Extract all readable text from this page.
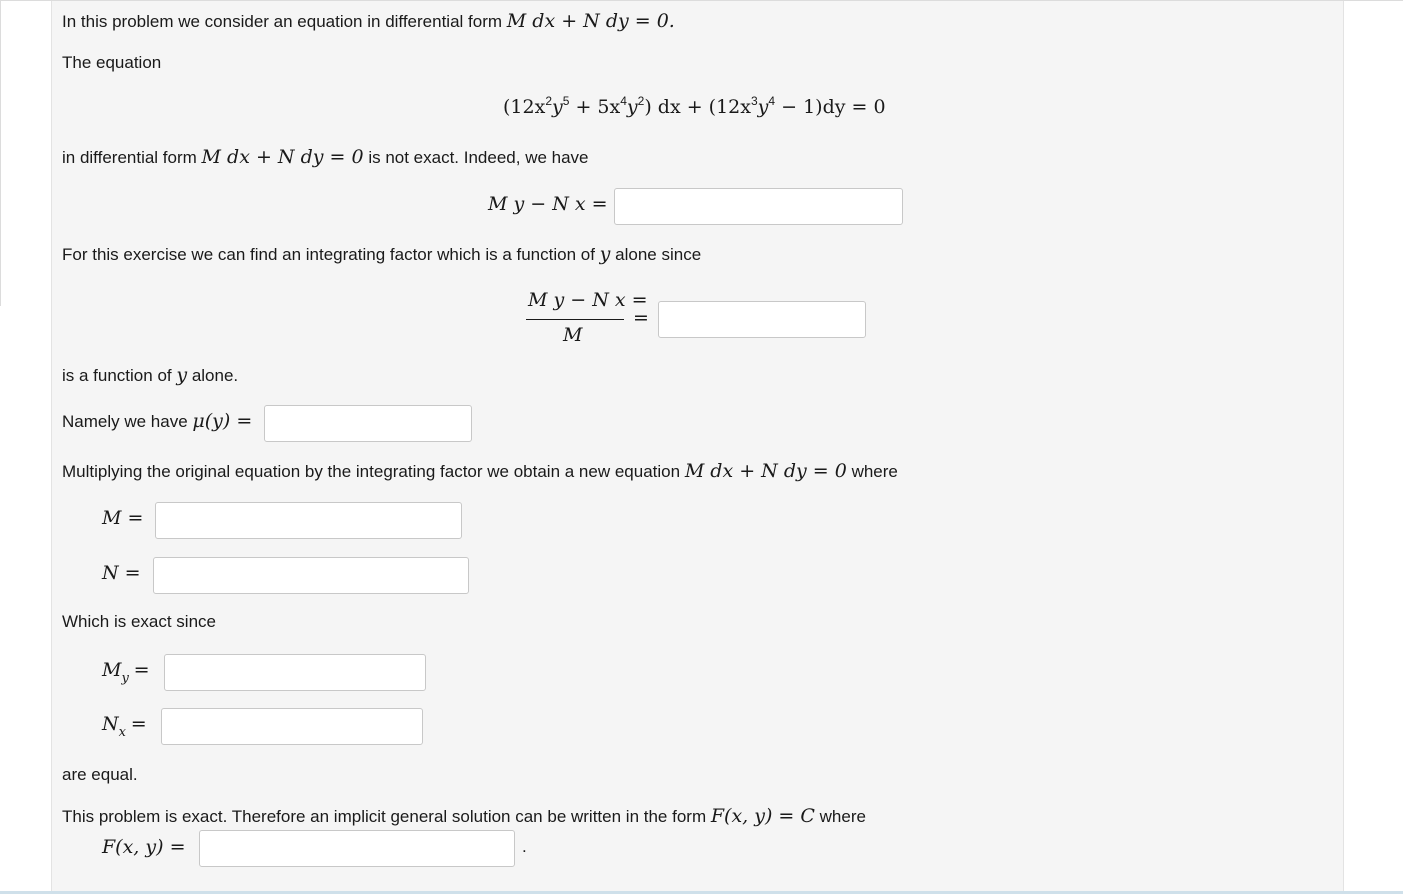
In this problem we consider an equation in differential form M dx + N dy = 0.
The equation
$(12x^2y^5 + 5x^4y^2)$ dx + $(12x^3y^4 - 1)dy = 0$
in differential form M dx + N dy = 0 is not exact. Indeed, we have
M y − N x =
For this exercise we can find an integrating factor which is a function of y alone since
M y − N x =
M
=
is a function of y alone.
Namely we have μ(y) =
Multiplying the original equation by the integrating factor we obtain a new equation M dx + N dy = 0 where
M =
N =
Which is exact since
$M_y$ =
$N_x$ =
are equal.
This problem is exact. Therefore an implicit general solution can be written in the form F(x, y) = C where
F(x, y) =	.
